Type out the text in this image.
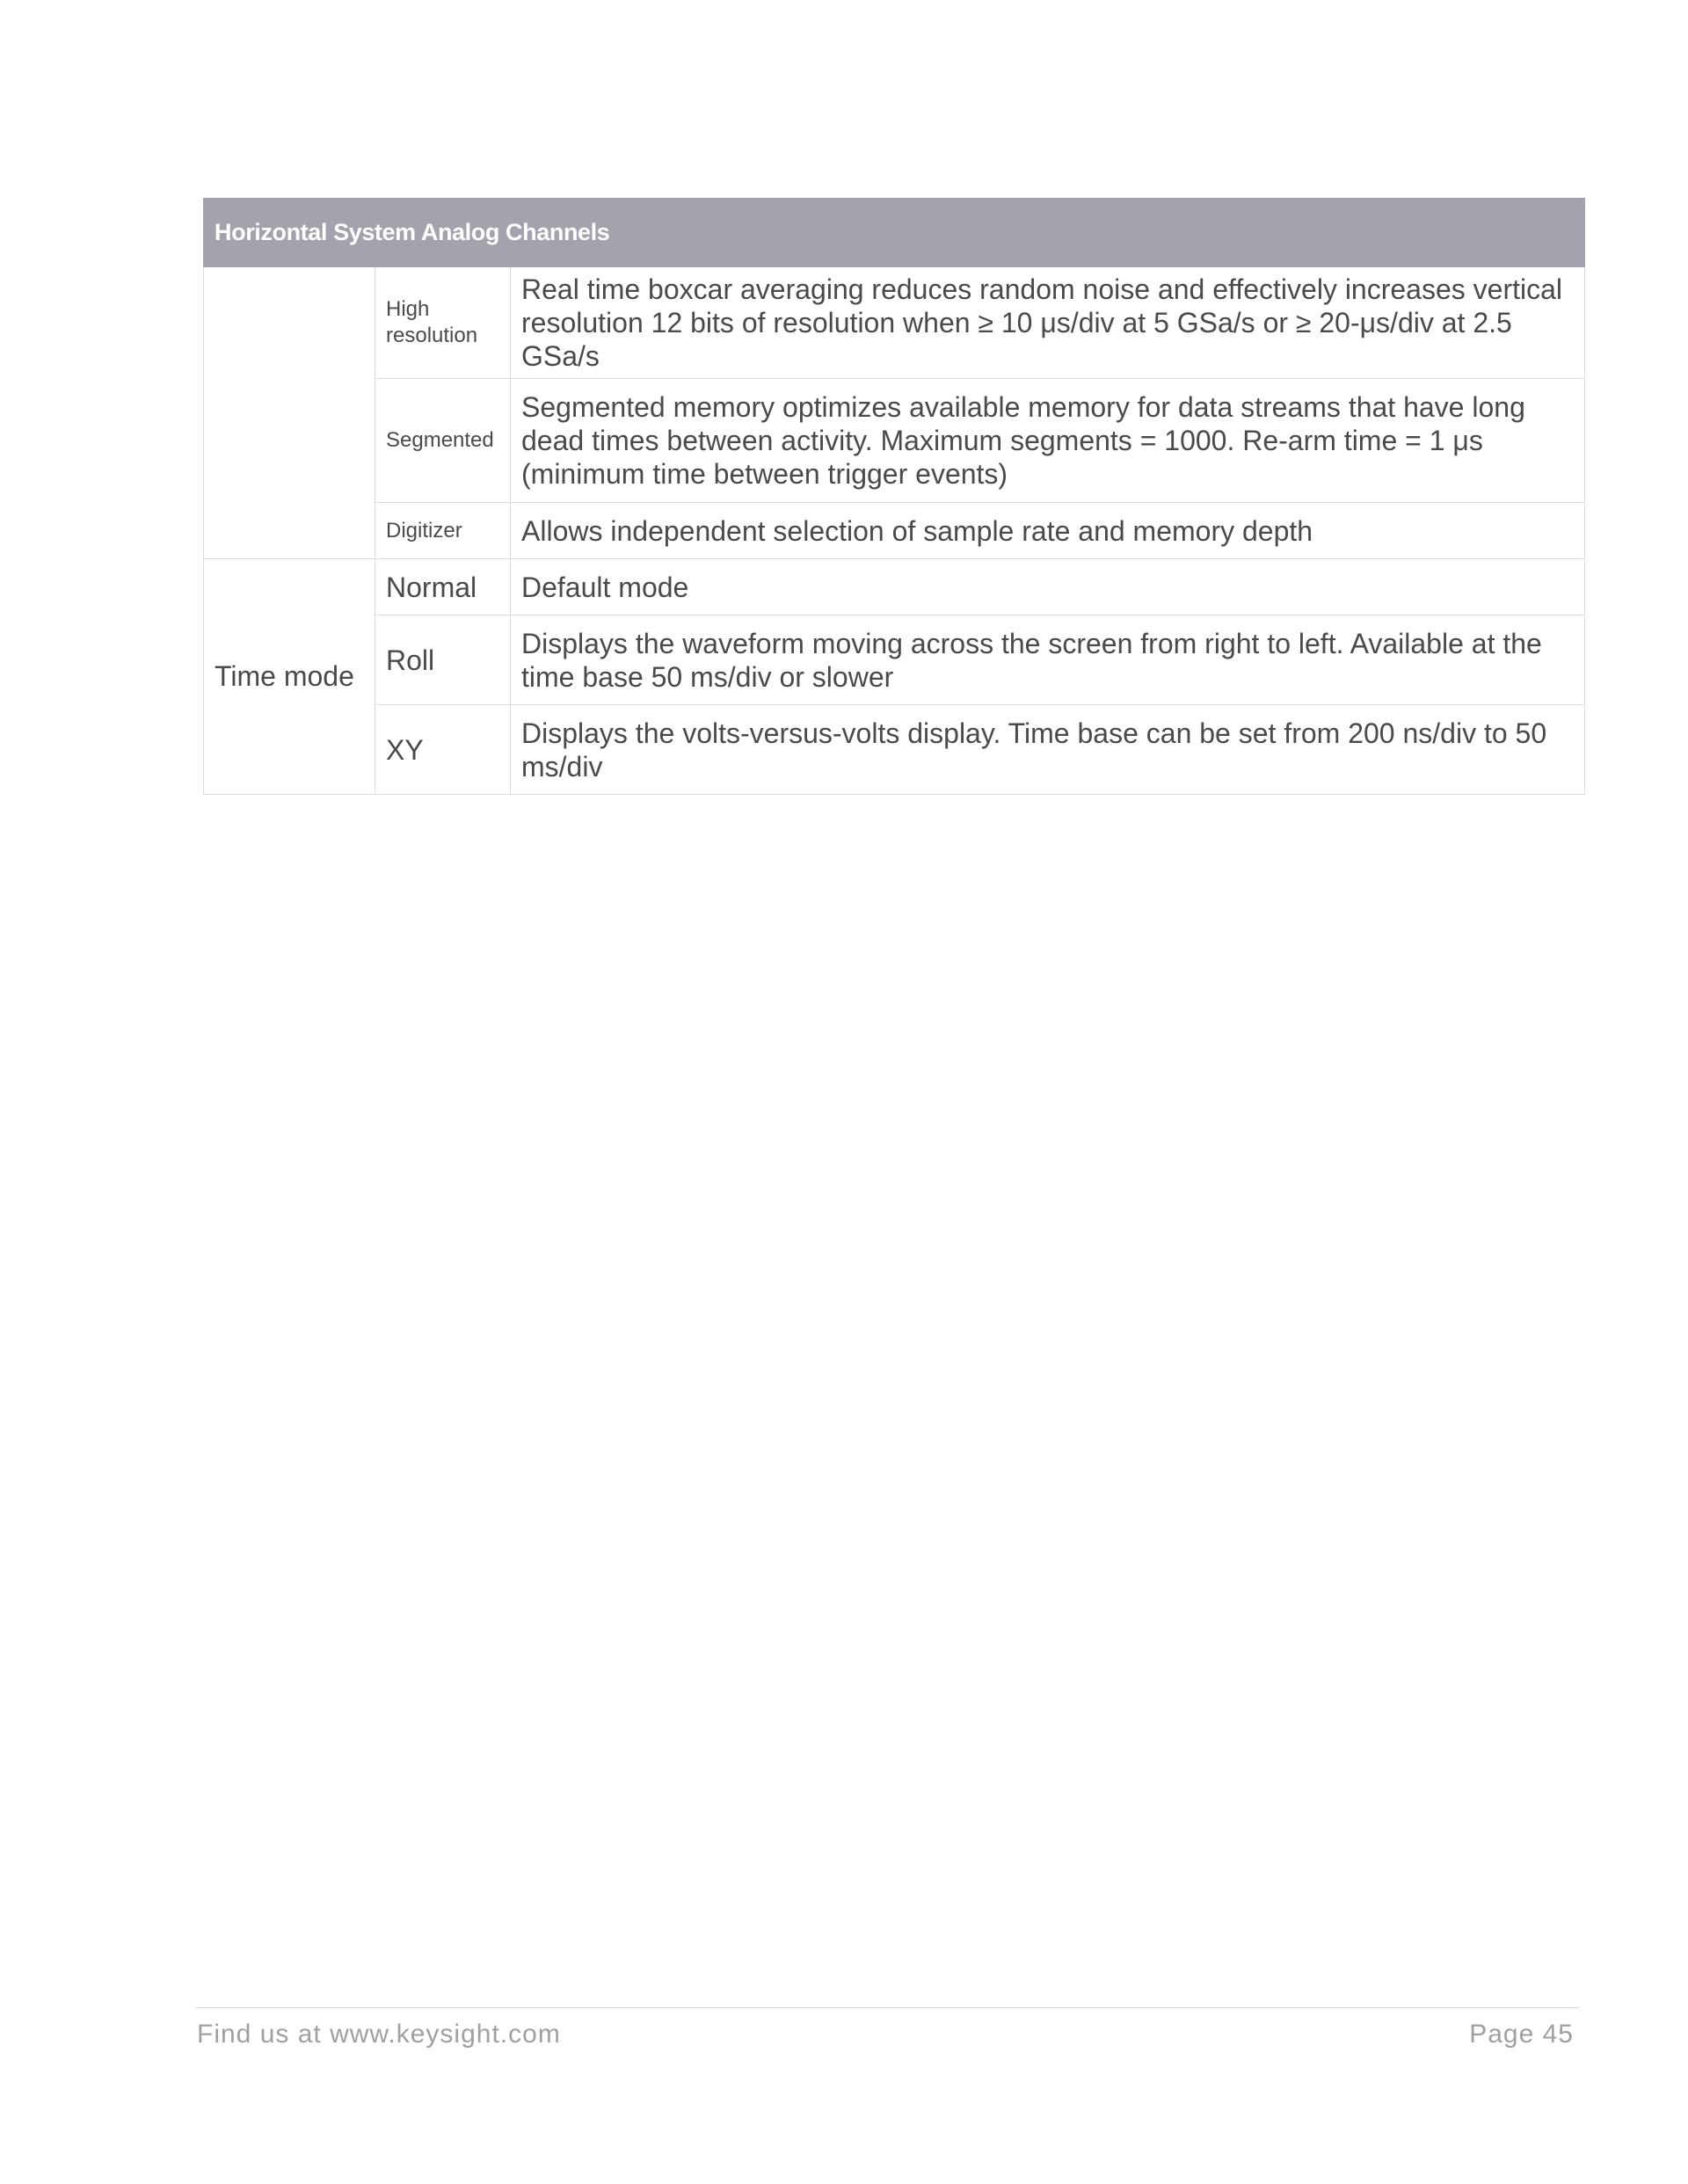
Horizontal System Analog Channels		
	High resolution	Real time boxcar averaging reduces random noise and effectively increases vertical resolution 12 bits of resolution when ≥ 10 μs/div at 5 GSa/s or ≥ 20-μs/div at 2.5 GSa/s
	Segmented	Segmented memory optimizes available memory for data streams that have long dead times between activity. Maximum segments = 1000. Re-arm time = 1 μs (minimum time between trigger events)
	Digitizer	Allows independent selection of sample rate and memory depth
Time mode	Normal	Default mode
	Roll	Displays the waveform moving across the screen from right to left. Available at the time base 50 ms/div or slower
	XY	Displays the volts-versus-volts display. Time base can be set from 200 ns/div to 50 ms/div
Find us at www.keysight.com	Page 45
